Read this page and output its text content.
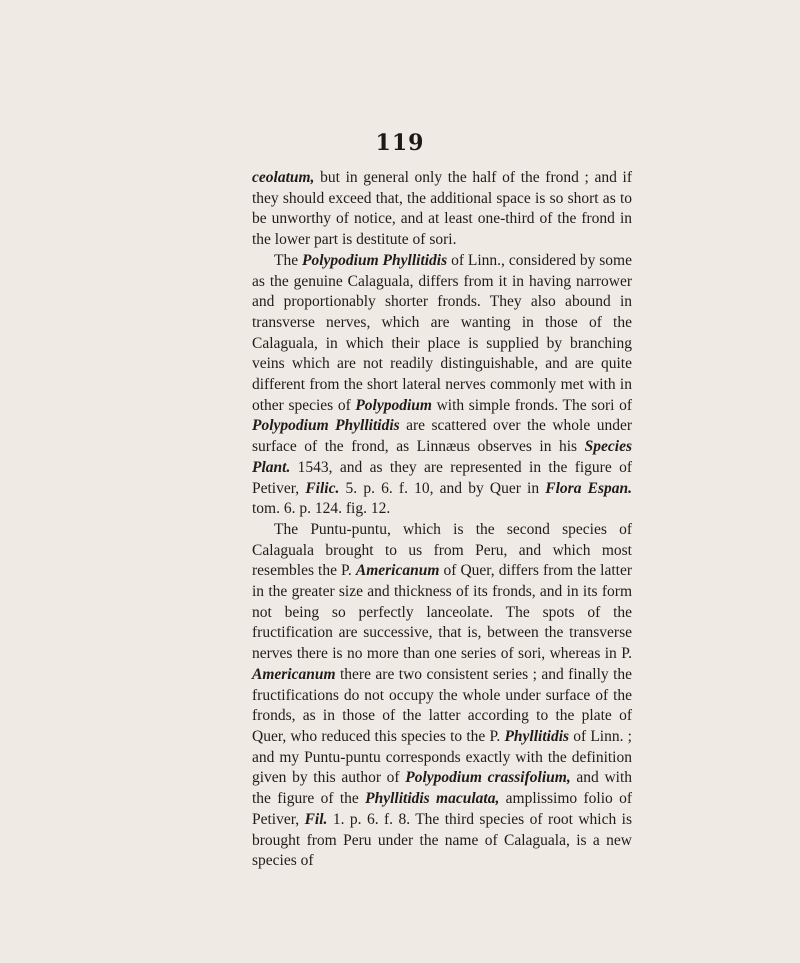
119

ceolatum, but in general only the half of the frond ; and if they should exceed that, the additional space is so short as to be unworthy of notice, and at least one-third of the frond in the lower part is destitute of sori.

The Polypodium Phyllitidis of Linn., considered by some as the genuine Calaguala, differs from it in having narrower and proportionably shorter fronds. They also abound in transverse nerves, which are wanting in those of the Calaguala, in which their place is supplied by branching veins which are not readily distinguishable, and are quite different from the short lateral nerves commonly met with in other species of Polypodium with simple fronds. The sori of Polypodium Phyllitidis are scattered over the whole under surface of the frond, as Linnæus observes in his Species Plant. 1543, and as they are represented in the figure of Petiver, Filic. 5. p. 6. f. 10, and by Quer in Flora Espan. tom. 6. p. 124. fig. 12.

The Puntu-puntu, which is the second species of Calaguala brought to us from Peru, and which most resembles the P. Americanum of Quer, differs from the latter in the greater size and thickness of its fronds, and in its form not being so perfectly lanceolate. The spots of the fructification are successive, that is, between the transverse nerves there is no more than one series of sori, whereas in P. Americanum there are two consistent series ; and finally the fructifications do not occupy the whole under surface of the fronds, as in those of the latter according to the plate of Quer, who reduced this species to the P. Phyllitidis of Linn. ; and my Puntu-puntu corresponds exactly with the definition given by this author of Polypodium crassifolium, and with the figure of the Phyllitidis maculata, amplissimo folio of Petiver, Fil. 1. p. 6. f. 8. The third species of root which is brought from Peru under the name of Calaguala, is a new species of
